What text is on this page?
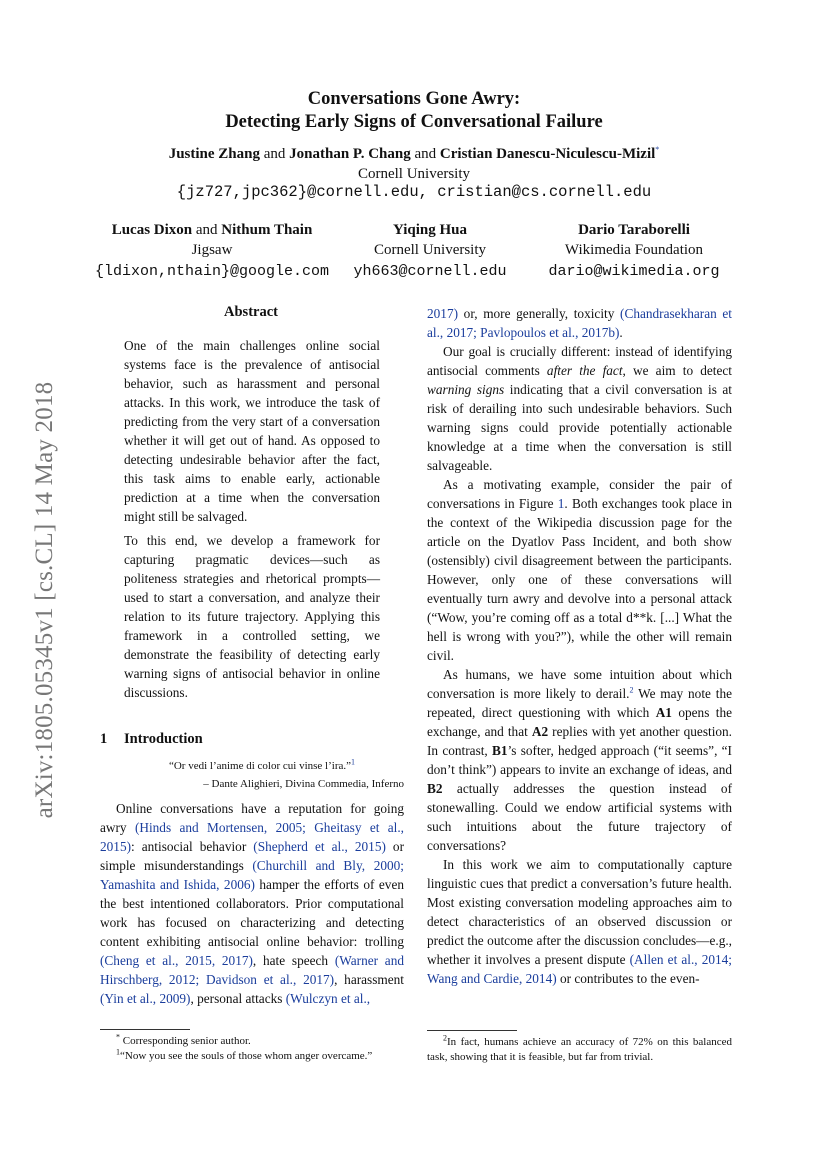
Conversations Gone Awry:
Detecting Early Signs of Conversational Failure
Justine Zhang and Jonathan P. Chang and Cristian Danescu-Niculescu-Mizil*
Cornell University
{jz727,jpc362}@cornell.edu, cristian@cs.cornell.edu
Lucas Dixon and Nithum Thain
Jigsaw
{ldixon,nthain}@google.com
Yiqing Hua
Cornell University
yh663@cornell.edu
Dario Taraborelli
Wikimedia Foundation
dario@wikimedia.org
arXiv:1805.05345v1 [cs.CL] 14 May 2018
Abstract

One of the main challenges online social systems face is the prevalence of antisocial behavior, such as harassment and personal attacks. In this work, we introduce the task of predicting from the very start of a conversation whether it will get out of hand. As opposed to detecting undesirable behavior after the fact, this task aims to enable early, actionable prediction at a time when the conversation might still be salvaged.

To this end, we develop a framework for capturing pragmatic devices—such as politeness strategies and rhetorical prompts—used to start a conversation, and analyze their relation to its future trajectory. Applying this framework in a controlled setting, we demonstrate the feasibility of detecting early warning signs of antisocial behavior in online discussions.

1 Introduction
“Or vedi l’anime di color cui vinse l’ira.”$^1$
– Dante Alighieri, Divina Commedia, Inferno

Online conversations have a reputation for going awry (Hinds and Mortensen, 2005; Gheitasy et al., 2015): antisocial behavior (Shepherd et al., 2015) or simple misunderstandings (Churchill and Bly, 2000; Yamashita and Ishida, 2006) hamper the efforts of even the best intentioned collaborators. Prior computational work has focused on characterizing and detecting content exhibiting antisocial online behavior: trolling (Cheng et al., 2015, 2017), hate speech (Warner and Hirschberg, 2012; Davidson et al., 2017), harassment (Yin et al., 2009), personal attacks (Wulczyn et al.,

* Corresponding senior author.
$^1$“Now you see the souls of those whom anger overcame.”

2017) or, more generally, toxicity (Chandrasekharan et al., 2017; Pavlopoulos et al., 2017b).

Our goal is crucially different: instead of identifying antisocial comments after the fact, we aim to detect warning signs indicating that a civil conversation is at risk of derailing into such undesirable behaviors. Such warning signs could provide potentially actionable knowledge at a time when the conversation is still salvageable.

As a motivating example, consider the pair of conversations in Figure 1. Both exchanges took place in the context of the Wikipedia discussion page for the article on the Dyatlov Pass Incident, and both show (ostensibly) civil disagreement between the participants. However, only one of these conversations will eventually turn awry and devolve into a personal attack (“Wow, you’re coming off as a total d**k. [...] What the hell is wrong with you?”), while the other will remain civil.

As humans, we have some intuition about which conversation is more likely to derail.$^2$ We may note the repeated, direct questioning with which A1 opens the exchange, and that A2 replies with yet another question. In contrast, B1’s softer, hedged approach (“it seems”, “I don’t think”) appears to invite an exchange of ideas, and B2 actually addresses the question instead of stonewalling. Could we endow artificial systems with such intuitions about the future trajectory of conversations?

In this work we aim to computationally capture linguistic cues that predict a conversation’s future health. Most existing conversation modeling approaches aim to detect characteristics of an observed discussion or predict the outcome after the discussion concludes—e.g., whether it involves a present dispute (Allen et al., 2014; Wang and Cardie, 2014) or contributes to the even-

$^2$In fact, humans achieve an accuracy of 72% on this balanced task, showing that it is feasible, but far from trivial.
